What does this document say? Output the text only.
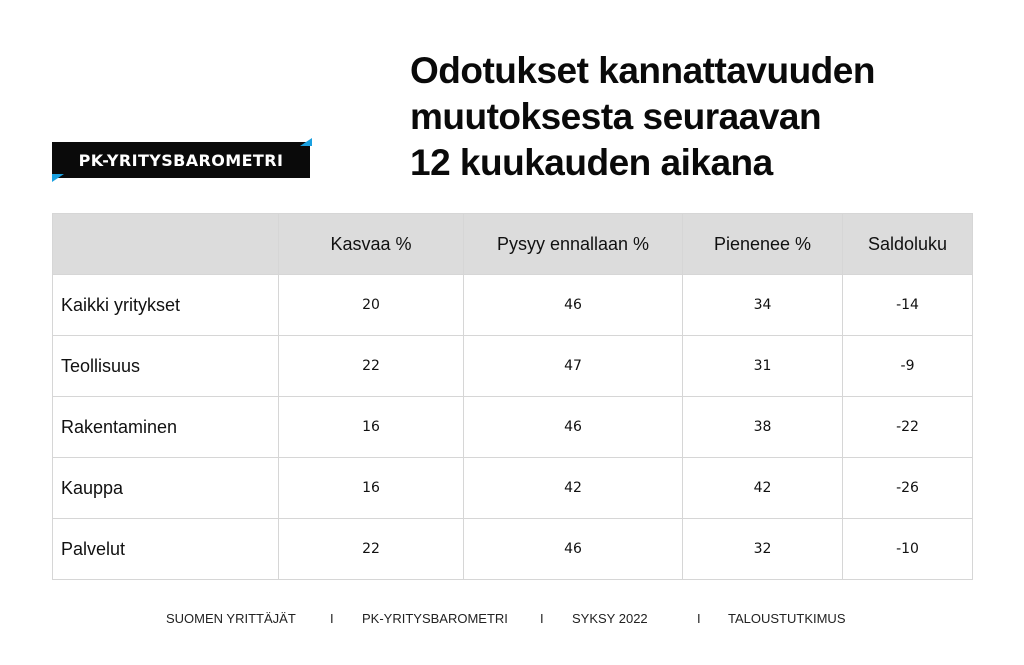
PK-YRITYSBAROMETRI
Odotukset kannattavuuden
muutoksesta seuraavan
12 kuukauden aikana
	Kasvaa %	Pysyy ennallaan %	Pienenee %	Saldoluku
Kaikki yritykset	20	46	34	-14
Teollisuus	22	47	31	-9
Rakentaminen	16	46	38	-22
Kauppa	16	42	42	-26
Palvelut	22	46	32	-10
SUOMEN YRITTÄJÄT	I PK-YRITYSBAROMETRI I SYKSY 2022	I TALOUSTUTKIMUS
